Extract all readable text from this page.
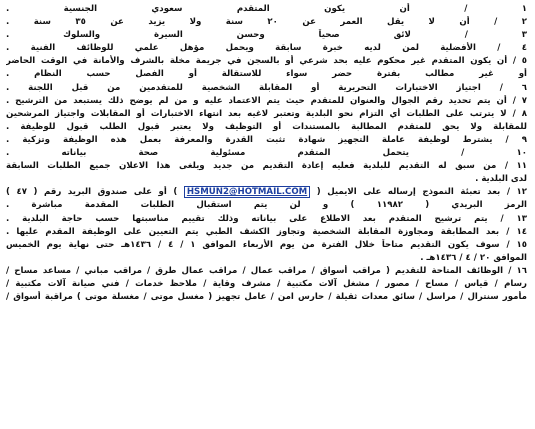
١ / أن يكون المتقدم سعودي الجنسية .
٢ / أن لا يقل العمر عن ٢٠ سنة ولا يزيد عن ٣٥ سنة .
٣ / لائق صحياً وحسن السيرة والسلوك .
٤ / الأفضلية لمن لديه خبرة سابقة ويحمل مؤهل علمي للوظائف الفنية .
٥ / أن يكون المتقدم غير محكوم عليه بحد شرعي أو بالسجن في جريمة مخلة بالشرف والأمانة في الوقت الحاضر
أو غير مطالب بفترة حضر سواء للاستقالة أو الفصل حسب النظام .
٦ / اجتياز الاختبارات التحريرية أو المقابلة الشخصية للمتقدمين من قبل اللجنة .
٧ / أن يتم تحديد رقم الجوال والعنوان للمتقدم حيث يتم الاعتماد عليه و من لم يوضح ذلك يستبعد من الترشيح .
٨ / لا يترتب على الطلبات أي التزام نحو البلدية وتعتبر لاغيه بعد انتهاء الاختبارات أو المقابلات واجتياز المرشحين
للمقابلة ولا يحق للمتقدم المطالبة بالمستندات أو التوظيف ولا يعتبر قبول الطلب قبول للوظيفة .
٩ / يشترط لوظيفة عاملة التجهيز شهادة تثبت القدرة والمعرفة بعمل هذه الوظيفة وتزكية .
١٠ / يتحمل المتقدم مسئولية صحة بياناته .
١١ / من سبق له التقديم للبلدية فعليه إعادة التقديم من جديد ويلغى هذا الاعلان جميع الطلبات السابقة
لدى البلدية .
١٢ / بعد تعبئة النموذج إرساله على الايميل ( HSMUN2@HOTMAIL.COM ) أو على صندوق البريد رقم ( ٤٧ )
الرمز البريدي ( ١١٩٨٢ ) و لن يتم استقبال الطلبات المقدمة مباشرة .
١٣ / يتم ترشيح المتقدم بعد الاطلاع على بياناته وذلك تقييم مناسبتها حسب حاجة البلدية .
١٤ / بعد المطابقة ومجاوزة المقابلة الشخصية وتجاوز الكشف الطبي يتم التعيين على الوظيفة المقدم عليها .
١٥ / سوف يكون التقديم متاحاً خلال الفترة من يوم الأربعاء الموافق ١ / ٤ / ١٤٣٦هـ حتى نهاية يوم الخميس
الموافق ٢٠ / ٤ / ١٤٣٦هـ .
١٦ / الوظائف المتاحة للتقديم ( مراقب أسواق / مراقب عمال / مراقب عمال طرق / مراقب مباني / مساعد مساح /
رسام / قياس / مساح / مصور / مشغل آلات مكتبية / مشرف وقاية / ملاحظ خدمات / فني صيانة آلات مكتبية /
مأمور سنترال / مراسل / سائق معدات ثقيلة / حارس امن / عامل تجهيز ( مغسل موتى / مغسلة موتى ) مراقبة أسواق /
